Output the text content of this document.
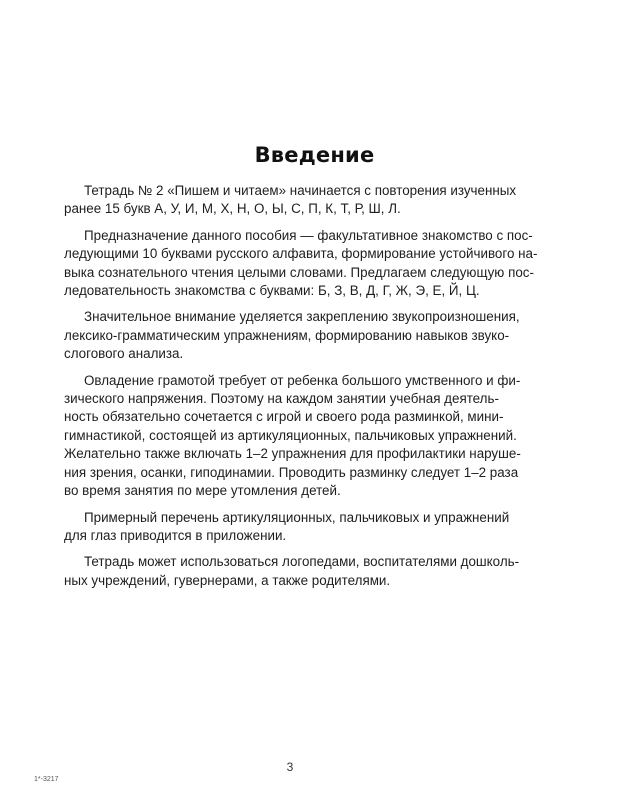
Введение

Тетрадь № 2 «Пишем и читаем» начинается с повторения изученных
ранее 15 букв А, У, И, М, Х, Н, О, Ы, С, П, К, Т, Р, Ш, Л.

Предназначение данного пособия — факультативное знакомство с пос-
ледующими 10 буквами русского алфавита, формирование устойчивого на-
выка сознательного чтения целыми словами. Предлагаем следующую пос-
ледовательность знакомства с буквами: Б, З, В, Д, Г, Ж, Э, Е, Й, Ц.

Значительное внимание уделяется закреплению звукопроизношения,
лексико-грамматическим упражнениям, формированию навыков звуко-
слогового анализа.

Овладение грамотой требует от ребенка большого умственного и фи-
зического напряжения. Поэтому на каждом занятии учебная деятель-
ность обязательно сочетается с игрой и своего рода разминкой, мини-
гимнастикой, состоящей из артикуляционных, пальчиковых упражнений.
Желательно также включать 1–2 упражнения для профилактики наруше-
ния зрения, осанки, гиподинамии. Проводить разминку следует 1–2 раза
во время занятия по мере утомления детей.

Примерный перечень артикуляционных, пальчиковых и упражнений
для глаз приводится в приложении.

Тетрадь может использоваться логопедами, воспитателями дошколь-
ных учреждений, гувернерами, а также родителями.

3
1*-3217
